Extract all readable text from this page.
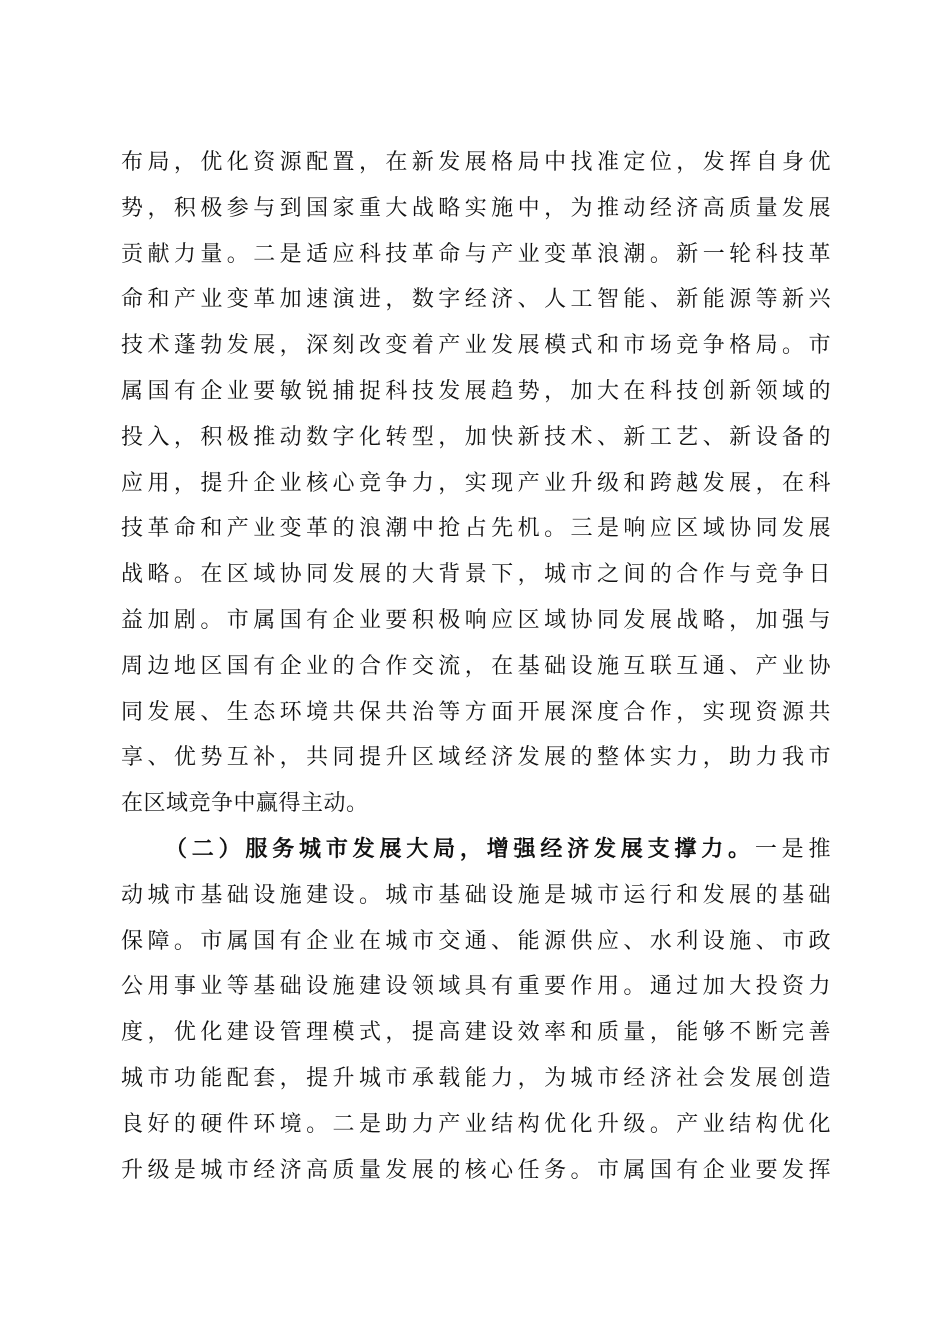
布局，优化资源配置，在新发展格局中找准定位，发挥自身优
势，积极参与到国家重大战略实施中，为推动经济高质量发展
贡献力量。二是适应科技革命与产业变革浪潮。新一轮科技革
命和产业变革加速演进，数字经济、人工智能、新能源等新兴
技术蓬勃发展，深刻改变着产业发展模式和市场竞争格局。市
属国有企业要敏锐捕捉科技发展趋势，加大在科技创新领域的
投入，积极推动数字化转型，加快新技术、新工艺、新设备的
应用，提升企业核心竞争力，实现产业升级和跨越发展，在科
技革命和产业变革的浪潮中抢占先机。三是响应区域协同发展
战略。在区域协同发展的大背景下，城市之间的合作与竞争日
益加剧。市属国有企业要积极响应区域协同发展战略，加强与
周边地区国有企业的合作交流，在基础设施互联互通、产业协
同发展、生态环境共保共治等方面开展深度合作，实现资源共
享、优势互补，共同提升区域经济发展的整体实力，助力我市
在区域竞争中赢得主动。
（二）服务城市发展大局，增强经济发展支撑力。一是推
动城市基础设施建设。城市基础设施是城市运行和发展的基础
保障。市属国有企业在城市交通、能源供应、水利设施、市政
公用事业等基础设施建设领域具有重要作用。通过加大投资力
度，优化建设管理模式，提高建设效率和质量，能够不断完善
城市功能配套，提升城市承载能力，为城市经济社会发展创造
良好的硬件环境。二是助力产业结构优化升级。产业结构优化
升级是城市经济高质量发展的核心任务。市属国有企业要发挥
